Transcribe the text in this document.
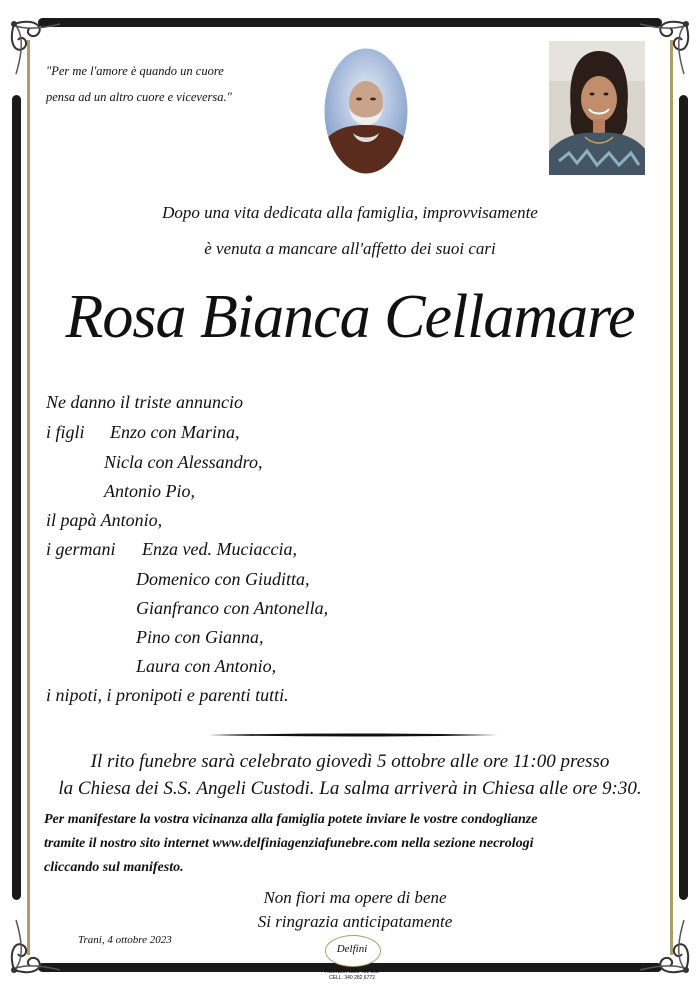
"Per me l'amore è quando un cuore
pensa ad un altro cuore e viceversa."
Dopo una vita dedicata alla famiglia, improvvisamente
è venuta a mancare all'affetto dei suoi cari
Rosa Bianca Cellamare
Ne danno il triste annuncio
i figli Enzo con Marina,
Nicla con Alessandro,
Antonio Pio,
il papà Antonio,
i germani Enza ved. Muciaccia,
Domenico con Giuditta,
Gianfranco con Antonella,
Pino con Gianna,
Laura con Antonio,
i nipoti, i pronipoti e parenti tutti.
Il rito funebre sarà celebrato giovedì 5 ottobre alle ore 11:00 presso
la Chiesa dei S.S. Angeli Custodi. La salma arriverà in Chiesa alle ore 9:30.
Per manifestare la vostra vicinanza alla famiglia potete inviare le vostre condoglianze
tramite il nostro sito internet www.delfiniagenziafunebre.com nella sezione necrologi
cliccando sul manifesto.
Non fiori ma opere di bene
Si ringrazia anticipatamente
Trani, 4 ottobre 2023
Delfini
AGENZIA 0883 481 608
CELL. 340 282 6772
